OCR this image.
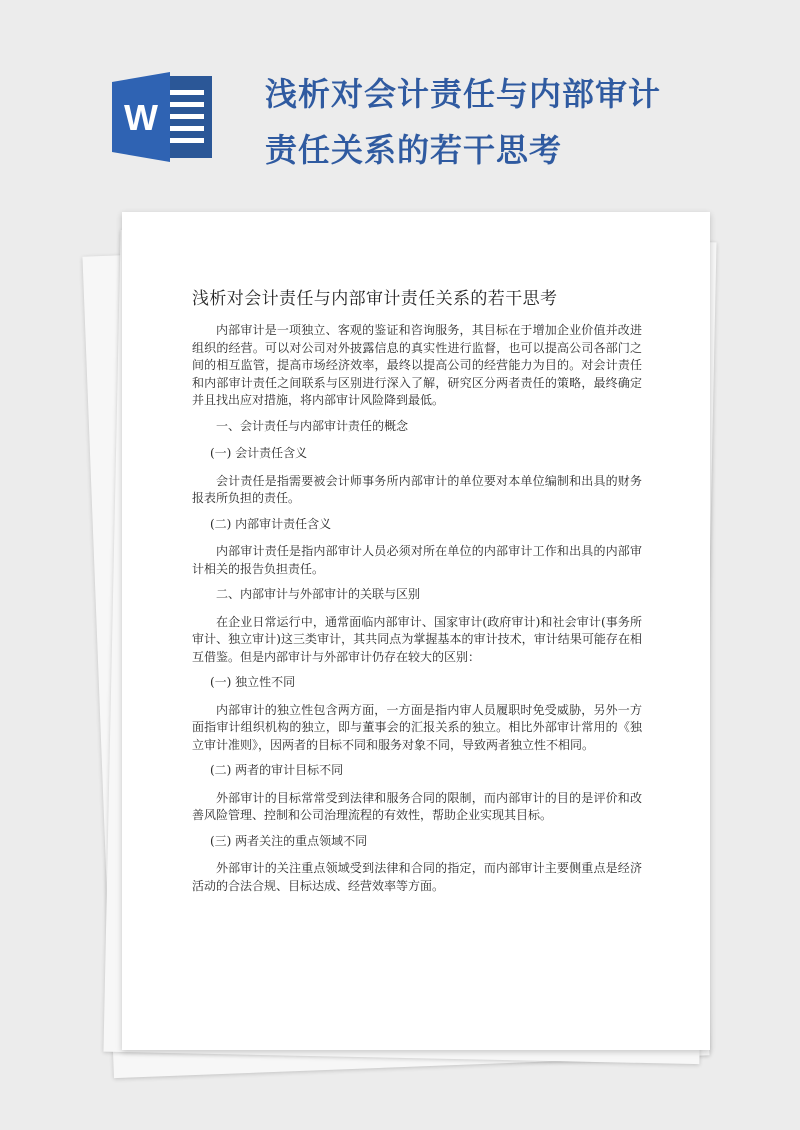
W
浅析对会计责任与内部审计责任关系的若干思考
浅析对会计责任与内部审计责任关系的若干思考

内部审计是一项独立、客观的鉴证和咨询服务，其目标在于增加企业价值并改进组织的经营。可以对公司对外披露信息的真实性进行监督，也可以提高公司各部门之间的相互监管，提高市场经济效率，最终以提高公司的经营能力为目的。对会计责任和内部审计责任之间联系与区别进行深入了解，研究区分两者责任的策略，最终确定并且找出应对措施，将内部审计风险降到最低。

一、会计责任与内部审计责任的概念

(一) 会计责任含义

会计责任是指需要被会计师事务所内部审计的单位要对本单位编制和出具的财务报表所负担的责任。

(二) 内部审计责任含义

内部审计责任是指内部审计人员必须对所在单位的内部审计工作和出具的内部审计相关的报告负担责任。

二、内部审计与外部审计的关联与区别

在企业日常运行中，通常面临内部审计、国家审计(政府审计)和社会审计(事务所审计、独立审计)这三类审计，其共同点为掌握基本的审计技术，审计结果可能存在相互借鉴。但是内部审计与外部审计仍存在较大的区别：

(一) 独立性不同

内部审计的独立性包含两方面，一方面是指内审人员履职时免受威胁，另外一方面指审计组织机构的独立，即与董事会的汇报关系的独立。相比外部审计常用的《独立审计准则》，因两者的目标不同和服务对象不同，导致两者独立性不相同。

(二) 两者的审计目标不同

外部审计的目标常常受到法律和服务合同的限制，而内部审计的目的是评价和改善风险管理、控制和公司治理流程的有效性，帮助企业实现其目标。

(三) 两者关注的重点领域不同

外部审计的关注重点领域受到法律和合同的指定，而内部审计主要侧重点是经济活动的合法合规、目标达成、经营效率等方面。
